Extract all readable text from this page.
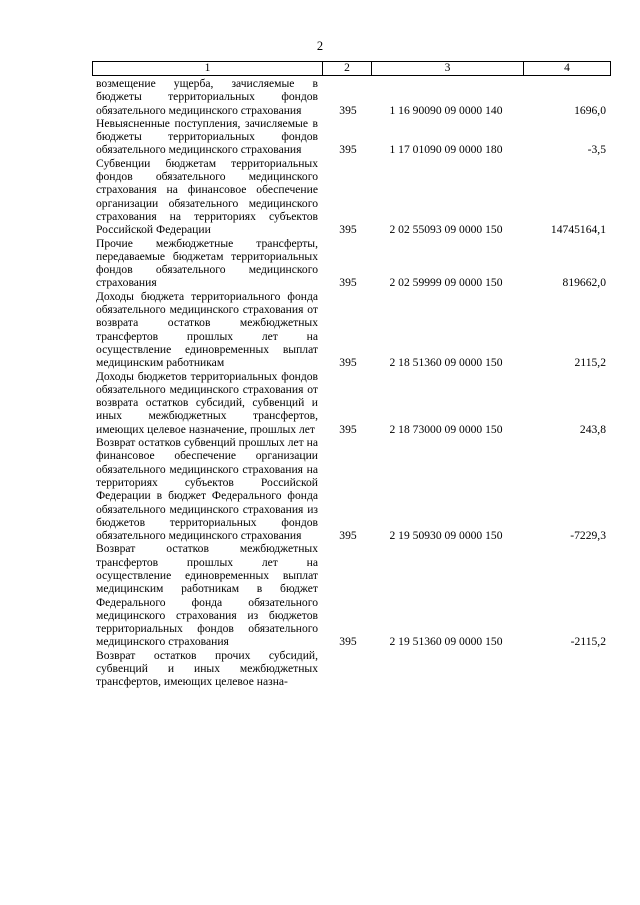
2
1	2	3	4
возмещение ущерба, зачисляемые в бюджеты территориальных фондов обязательного медицинского страхования	395	1 16 90090 09 0000 140	1696,0
Невыясненные поступления, зачисляемые в бюджеты территориальных фондов обязательного медицинского страхования	395	1 17 01090 09 0000 180	-3,5
Субвенции бюджетам территориальных фондов обязательного медицинского страхования на финансовое обеспечение организации обязательного медицинского страхования на территориях субъектов Российской Федерации	395	2 02 55093 09 0000 150	14745164,1
Прочие межбюджетные трансферты, передаваемые бюджетам территориальных фондов обязательного медицинского страхования	395	2 02 59999 09 0000 150	819662,0
Доходы бюджета территориального фонда обязательного медицинского страхования от возврата остатков межбюджетных трансфертов прошлых лет на осуществление единовременных выплат медицинским работникам	395	2 18 51360 09 0000 150	2115,2
Доходы бюджетов территориальных фондов обязательного медицинского страхования от возврата остатков субсидий, субвенций и иных межбюджетных трансфертов, имеющих целевое назначение, прошлых лет	395	2 18 73000 09 0000 150	243,8
Возврат остатков субвенций прошлых лет на финансовое обеспечение организации обязательного медицинского страхования на территориях субъектов Российской Федерации в бюджет Федерального фонда обязательного медицинского страхования из бюджетов территориальных фондов обязательного медицинского страхования	395	2 19 50930 09 0000 150	-7229,3
Возврат остатков межбюджетных трансфертов прошлых лет на осуществление единовременных выплат медицинским работникам в бюджет Федерального фонда обязательного медицинского страхования из бюджетов территориальных фондов обязательного медицинского страхования	395	2 19 51360 09 0000 150	-2115,2
Возврат остатков прочих субсидий, субвенций и иных межбюджетных трансфертов, имеющих целевое назна-
